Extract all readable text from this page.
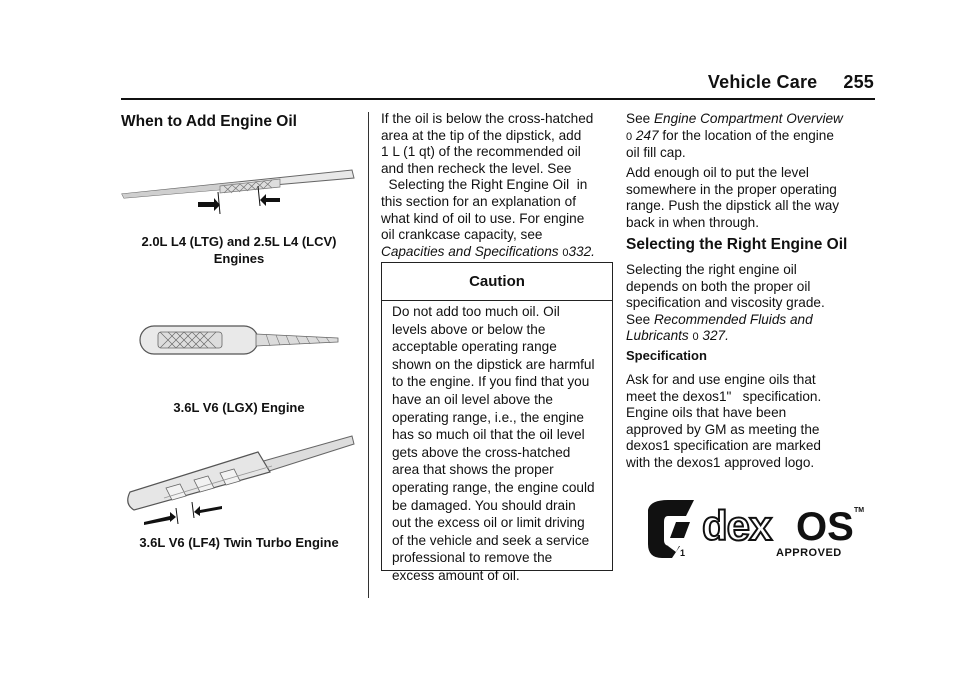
Vehicle Care 255
When to Add Engine Oil
2.0L L4 (LTG) and 2.5L L4 (LCV)
Engines
3.6L V6 (LGX) Engine
3.6L V6 (LF4) Twin Turbo Engine
If the oil is below the cross-hatched
area at the tip of the dipstick, add
1 L (1 qt) of the recommended oil
and then recheck the level. See
Selecting the Right Engine Oil  in
this section for an explanation of
what kind of oil to use. For engine
oil crankcase capacity, see
Capacities and Specifications 0332.
Caution
Do not add too much oil. Oil
levels above or below the
acceptable operating range
shown on the dipstick are harmful
to the engine. If you find that you
have an oil level above the
operating range, i.e., the engine
has so much oil that the oil level
gets above the cross-hatched
area that shows the proper
operating range, the engine could
be damaged. You should drain
out the excess oil or limit driving
of the vehicle and seek a service
professional to remove the
excess amount of oil.
See Engine Compartment Overview
0 247 for the location of the engine
oil fill cap.
Add enough oil to put the level
somewhere in the proper operating
range. Push the dipstick all the way
back in when through.
Selecting the Right Engine Oil
Selecting the right engine oil
depends on both the proper oil
specification and viscosity grade.
See Recommended Fluids and
Lubricants 0 327.
Specification
Ask for and use engine oils that
meet the dexos1"   specification.
Engine oils that have been
approved by GM as meeting the
dexos1 specification are marked
with the dexos1 approved logo.
1
dex OS TM
APPROVED
